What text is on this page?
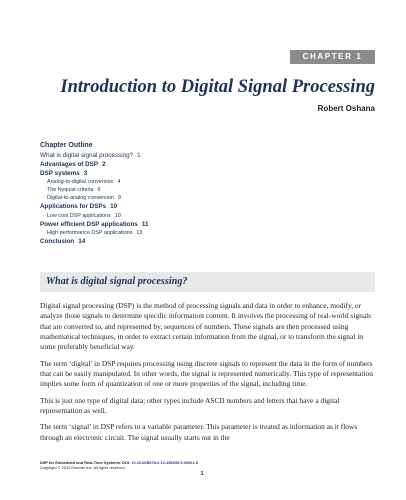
CHAPTER 1
Introduction to Digital Signal Processing
Robert Oshana
Chapter Outline
What is digital signal processing? 1
Advantages of DSP 2
DSP systems 3
Analog-to-digital conversion 4
The Nyquist criteria 6
Digital-to-analog conversion 9
Applications for DSPs 10
Low cost DSP applications 10
Power efficient DSP applications 11
High performance DSP applications 13
Conclusion 14
What is digital signal processing?

Digital signal processing (DSP) is the method of processing signals and data in order to enhance, modify, or analyze those signals to determine specific information content. It involves the processing of real-world signals that are converted to, and represented by, sequences of numbers. These signals are then processed using mathematical techniques, in order to extract certain information from the signal, or to transform the signal in some preferably beneficial way.

The term ‘digital’ in DSP requires processing using discrete signals to represent the data in the form of numbers that can be easily manipulated. In other words, the signal is represented numerically. This type of representation implies some form of quantization of one or more properties of the signal, including time.

This is just one type of digital data; other types include ASCII numbers and letters that have a digital representation as well.

The term ‘signal’ in DSP refers to a variable parameter. This parameter is treated as information as it flows through an electronic circuit. The signal usually starts out in the

DSP for Embedded and Real-Time Systems. DOI: 10.1016/B978-0-12-386535-9.00001-9
Copyright © 2012 Elsevier Inc. All rights reserved.
1
